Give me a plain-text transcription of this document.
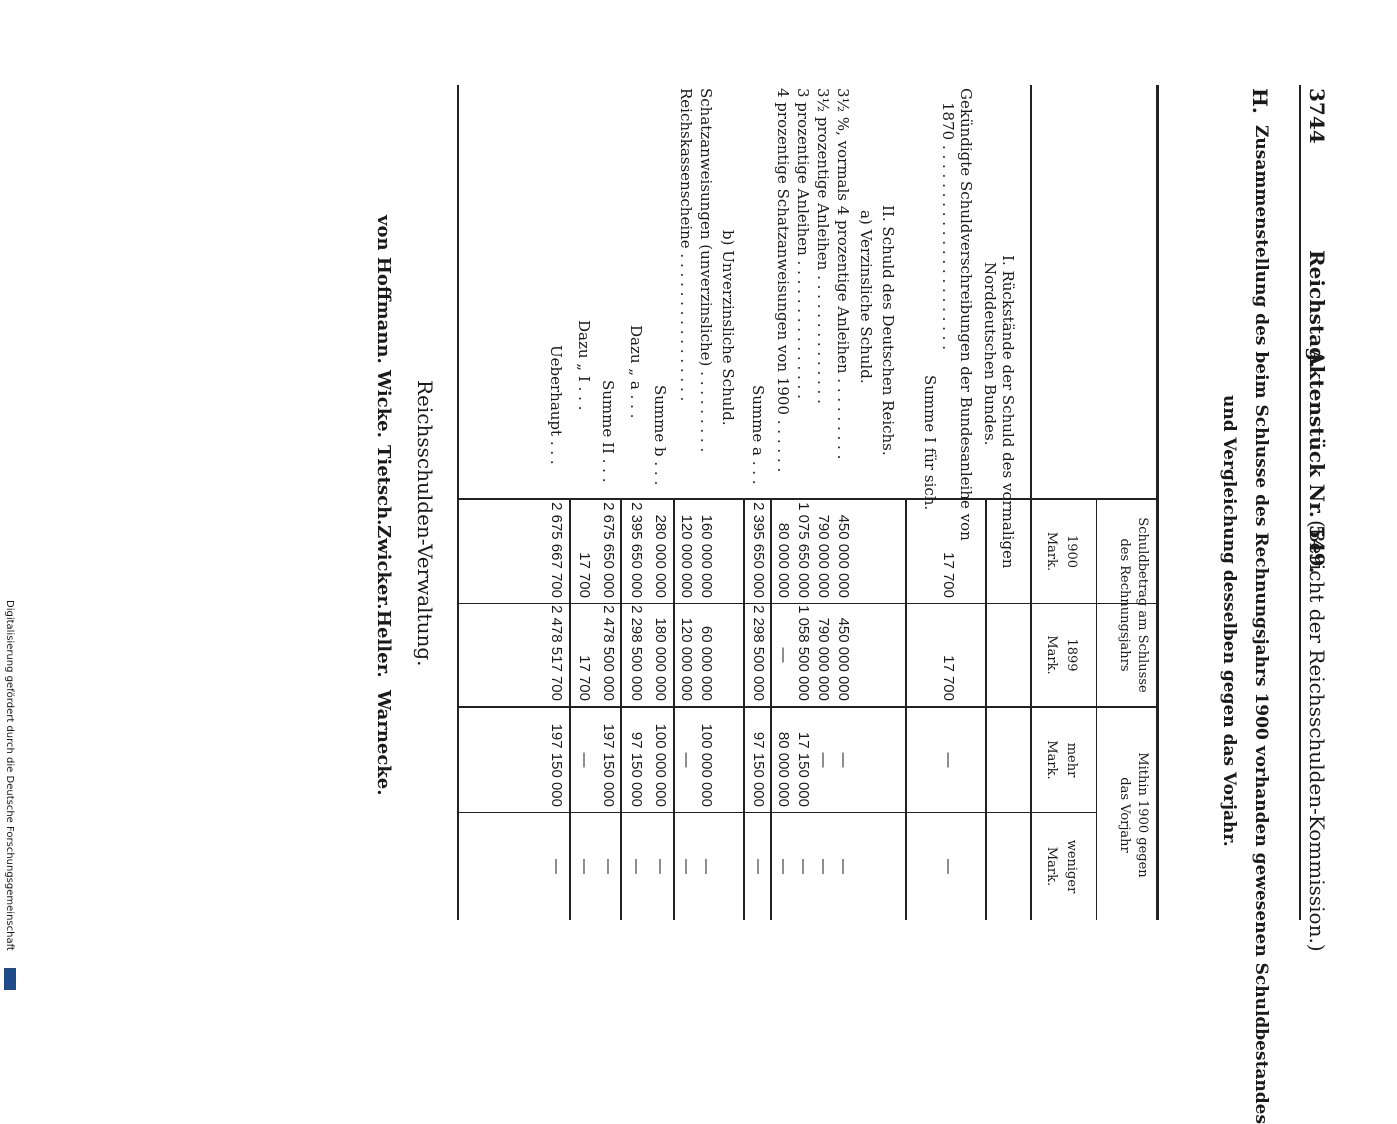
3744
Reichstag.
Aktenstück Nr. 549.
(Bericht der Reichsschulden-Kommission.)
H.
Zusammenstellung des beim Schlusse des Rechnungsjahrs 1900 vorhanden gewesenen Schuldbestandes
und Vergleichung desselben gegen das Vorjahr.
Schuldbetrag am Schlusse
des Rechnungsjahrs
Mithin 1900 gegen
das Vorjahr
1900
Mark.
1899
Mark.
mehr
Mark.
weniger
Mark.
I. Rückstände der Schuld des vormaligen
Norddeutschen Bundes.
Gekündigte Schuldverschreibungen der Bundesanleihe von
1870 . . . . . . . . . . . . . . . . . . . . . .
Summe I für sich.
17 700
17 700
—
—
II. Schuld des Deutschen Reichs.
a) Verzinsliche Schuld.
3½ %, vormals 4 prozentige Anleihen . . . . . . . . .
450 000 000
450 000 000
—
—
3½ prozentige Anleihen . . . . . . . . . . . . . .
790 000 000
790 000 000
—
—
3 prozentige Anleihen . . . . . . . . . . . . . . .
1 075 650 000
1 058 500 000
17 150 000
—
4 prozentige Schatzanweisungen von 1900 . . . . . .
80 000 000
—
80 000 000
—
Summe a . . .
2 395 650 000
2 298 500 000
97 150 000
—
b) Unverzinsliche Schuld.
Schatzanweisungen (unverzinsliche) . . . . . . . . .
160 000 000
60 000 000
100 000 000
—
Reichskassenscheine . . . . . . . . . . . . . . . .
120 000 000
120 000 000
—
—
Summe b . . .
280 000 000
180 000 000
100 000 000
—
Dazu „ a . . .
2 395 650 000
2 298 500 000
97 150 000
—
Summe II . . .
2 675 650 000
2 478 500 000
197 150 000
—
Dazu „ I . . .
17 700
17 700
—
—
Ueberhaupt . . .
2 675 667 700
2 478 517 700
197 150 000
—
Reichsschulden-Verwaltung.
von Hoffmann.
Wicke.
Tietsch.
Zwicker.
Heller.
Warnecke.
Digitalisierung gefördert durch die Deutsche Forschungsgemeinschaft
